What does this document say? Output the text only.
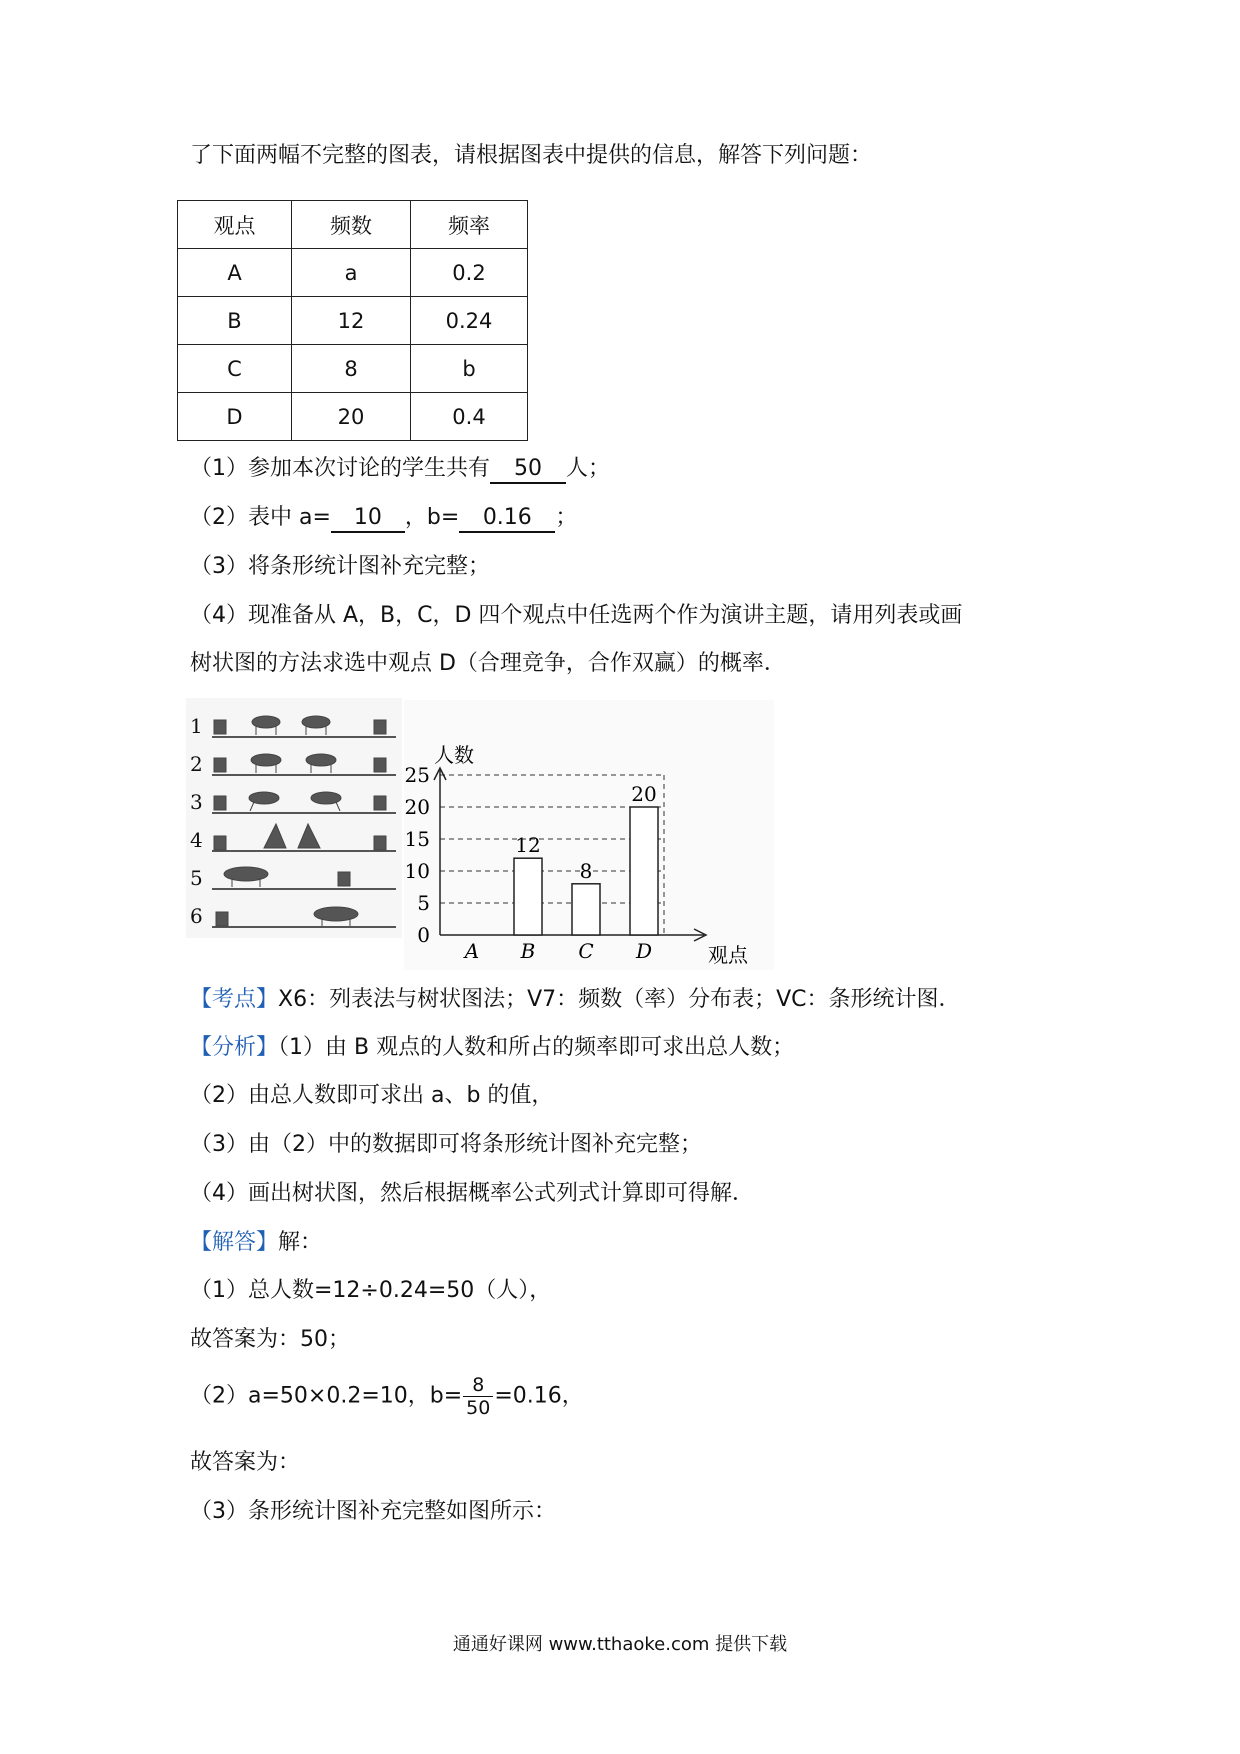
了下面两幅不完整的图表，请根据图表中提供的信息，解答下列问题：
观点	频数	频率
A	a	0.2
B	12	0.24
C	8	b
D	20	0.4
（1）参加本次讨论的学生共有 50 人；
（2）表中 a= 10 ，b= 0.16 ；
（3）将条形统计图补充完整；
（4）现准备从 A，B，C，D 四个观点中任选两个作为演讲主题，请用列表或画
树状图的方法求选中观点 D（合理竞争，合作双赢）的概率．
1
2
3
4
5
6
0
5
10
15
20
25
12
8
20
A B C D
人数
观点
【考点】X6：列表法与树状图法；V7：频数（率）分布表；VC：条形统计图．
【分析】（1）由 B 观点的人数和所占的频率即可求出总人数；
（2）由总人数即可求出 a、b 的值，
（3）由（2）中的数据即可将条形统计图补充完整；
（4）画出树状图，然后根据概率公式列式计算即可得解．
【解答】解：
（1）总人数=12÷0.24=50（人），
故答案为：50；
（2）a=50×0.2=10，$b= \frac{8}{50} =0.16$，
故答案为：
（3）条形统计图补充完整如图所示：
通通好课网 www.tthaoke.com 提供下载
